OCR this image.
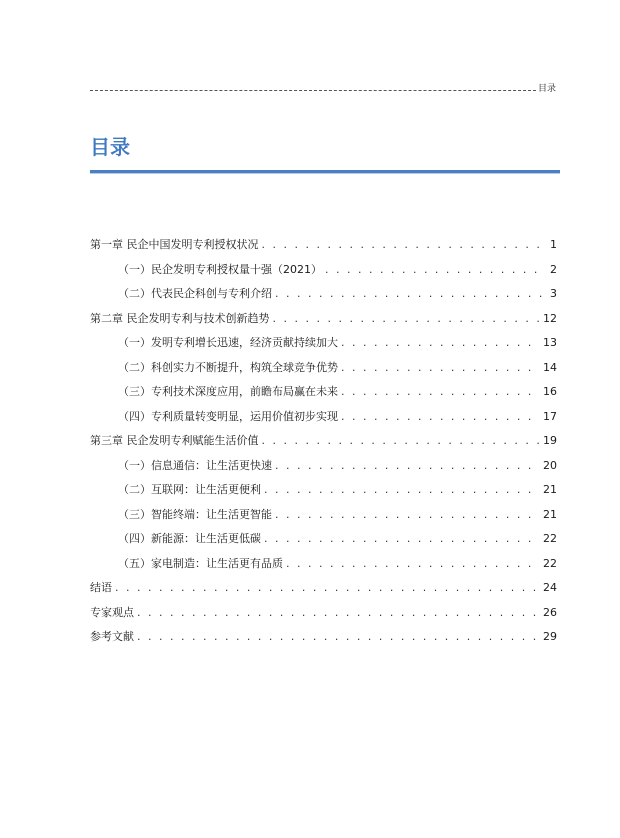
目录
目录
第一章 民企中国发明专利授权状况 . . .	1
（一）民企发明专利授权量十强（2021） . . .	2
（二）代表民企科创与专利介绍 . . .	3
第二章 民企发明专利与技术创新趋势 . . .	12
（一）发明专利增长迅速，经济贡献持续加大 . . .	13
（二）科创实力不断提升，构筑全球竞争优势 . . .	14
（三）专利技术深度应用，前瞻布局赢在未来 . . .	16
（四）专利质量转变明显，运用价值初步实现 . . .	17
第三章 民企发明专利赋能生活价值 . . .	19
（一）信息通信：让生活更快速 . . .	20
（二）互联网：让生活更便利 . . .	21
（三）智能终端：让生活更智能 . . .	21
（四）新能源：让生活更低碳 . . .	22
（五）家电制造：让生活更有品质 . . .	22
结语 . . .	24
专家观点 . . .	26
参考文献 . . .	29
